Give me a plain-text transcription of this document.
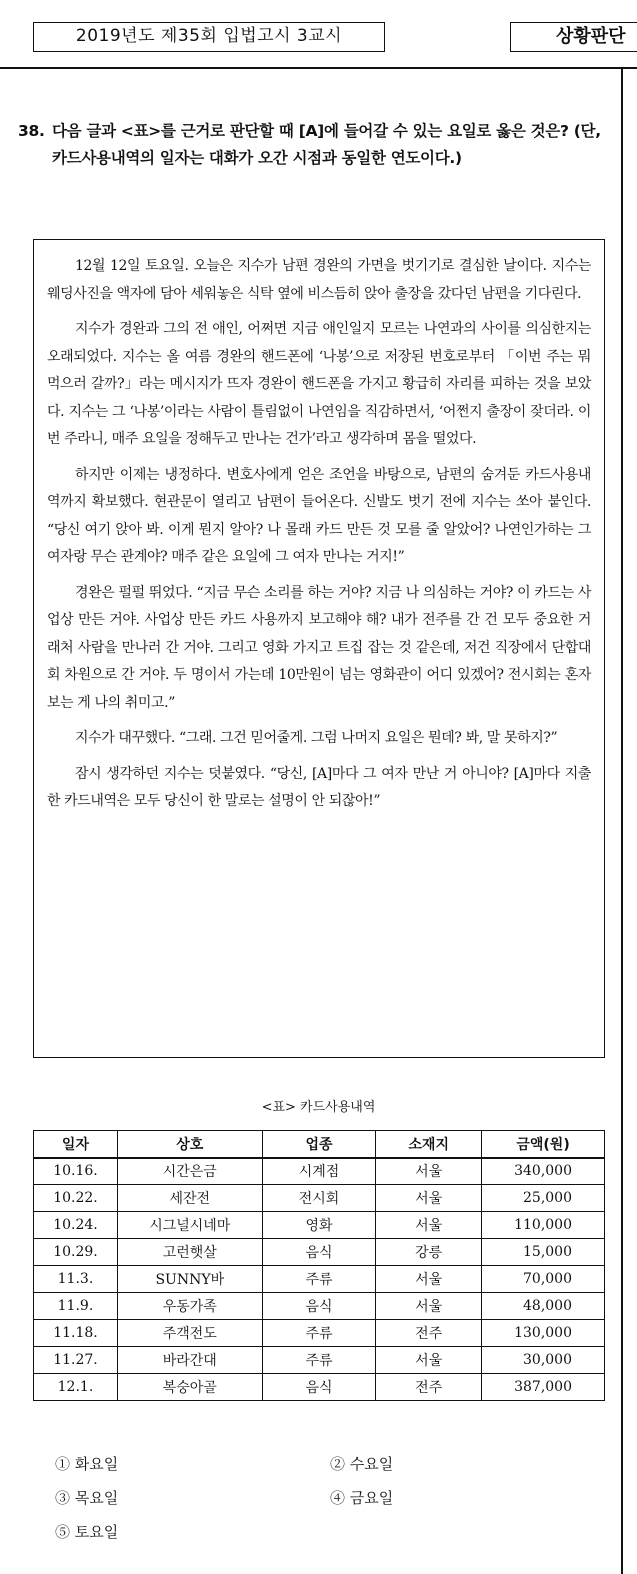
2019년도 제35회 입법고시 3교시	상황판단
38. 다음 글과 <표>를 근거로 판단할 때 [A]에 들어갈 수 있는 요일로 옳은 것은? (단, 카드사용내역의 일자는 대화가 오간 시점과 동일한 연도이다.)

12월 12일 토요일. 오늘은 지수가 남편 경완의 가면을 벗기기로 결심한 날이다. 지수는 웨딩사진을 액자에 담아 세워놓은 식탁 옆에 비스듬히 앉아 출장을 갔다던 남편을 기다린다.

지수가 경완과 그의 전 애인, 어쩌면 지금 애인일지 모르는 나연과의 사이를 의심한지는 오래되었다. 지수는 올 여름 경완의 핸드폰에 ‘나봉’으로 저장된 번호로부터 「이번 주는 뭐 먹으러 갈까?」라는 메시지가 뜨자 경완이 핸드폰을 가지고 황급히 자리를 피하는 것을 보았다. 지수는 그 ‘나봉’이라는 사람이 틀림없이 나연임을 직감하면서, ‘어쩐지 출장이 잦더라. 이번 주라니, 매주 요일을 정해두고 만나는 건가’라고 생각하며 몸을 떨었다.

하지만 이제는 냉정하다. 변호사에게 얻은 조언을 바탕으로, 남편의 숨겨둔 카드사용내역까지 확보했다. 현관문이 열리고 남편이 들어온다. 신발도 벗기 전에 지수는 쏘아 붙인다. “당신 여기 앉아 봐. 이게 뭔지 알아? 나 몰래 카드 만든 것 모를 줄 알았어? 나연인가하는 그 여자랑 무슨 관계야? 매주 같은 요일에 그 여자 만나는 거지!”

경완은 펄펄 뛰었다. “지금 무슨 소리를 하는 거야? 지금 나 의심하는 거야? 이 카드는 사업상 만든 거야. 사업상 만든 카드 사용까지 보고해야 해? 내가 전주를 간 건 모두 중요한 거래처 사람을 만나러 간 거야. 그리고 영화 가지고 트집 잡는 것 같은데, 저건 직장에서 단합대회 차원으로 간 거야. 두 명이서 가는데 10만원이 넘는 영화관이 어디 있겠어? 전시회는 혼자 보는 게 나의 취미고.”

지수가 대꾸했다. “그래. 그건 믿어줄게. 그럼 나머지 요일은 뭔데? 봐, 말 못하지?”

잠시 생각하던 지수는 덧붙였다. “당신, [A]마다 그 여자 만난 거 아니야? [A]마다 지출한 카드내역은 모두 당신이 한 말로는 설명이 안 되잖아!”

<표> 카드사용내역
일자	상호	업종	소재지	금액(원)
10.16.	시간은금	시계점	서울	340,000
10.22.	세잔전	전시회	서울	25,000
10.24.	시그널시네마	영화	서울	110,000
10.29.	고런햇살	음식	강릉	15,000
11.3.	SUNNY바	주류	서울	70,000
11.9.	우동가족	음식	서울	48,000
11.18.	주객전도	주류	전주	130,000
11.27.	바라간대	주류	서울	30,000
12.1.	복숭아골	음식	전주	387,000
① 화요일	② 수요일
③ 목요일	④ 금요일
⑤ 토요일
